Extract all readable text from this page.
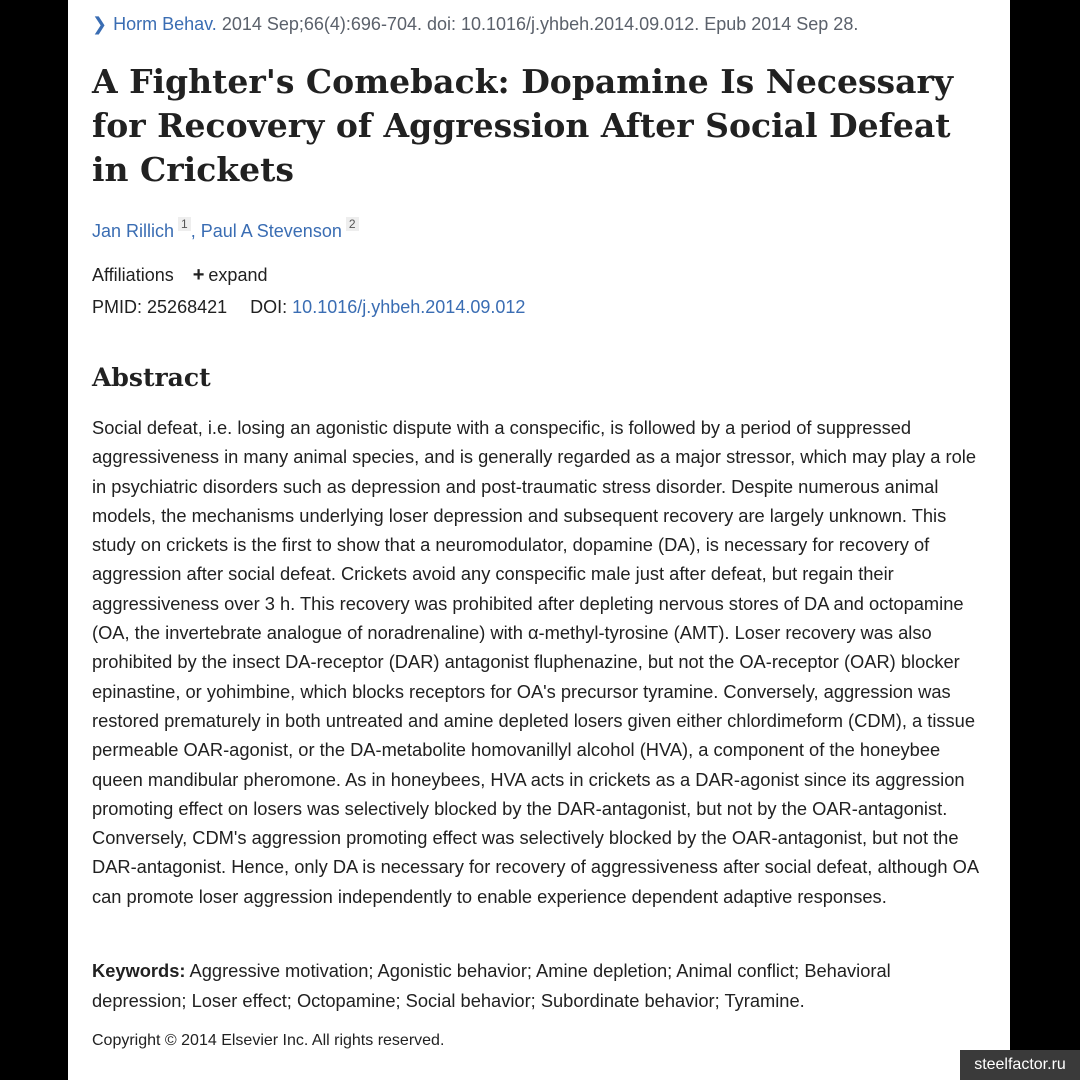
❯ Horm Behav. 2014 Sep;66(4):696-704. doi: 10.1016/j.yhbeh.2014.09.012. Epub 2014 Sep 28.
A Fighter's Comeback: Dopamine Is Necessary for Recovery of Aggression After Social Defeat in Crickets
Jan Rillich $^1$ , Paul A Stevenson $^2$
Affiliations + expand
PMID: 25268421 DOI: 10.1016/j.yhbeh.2014.09.012
Abstract

Social defeat, i.e. losing an agonistic dispute with a conspecific, is followed by a period of suppressed aggressiveness in many animal species, and is generally regarded as a major stressor, which may play a role in psychiatric disorders such as depression and post-traumatic stress disorder. Despite numerous animal models, the mechanisms underlying loser depression and subsequent recovery are largely unknown. This study on crickets is the first to show that a neuromodulator, dopamine (DA), is necessary for recovery of aggression after social defeat. Crickets avoid any conspecific male just after defeat, but regain their aggressiveness over 3 h. This recovery was prohibited after depleting nervous stores of DA and octopamine (OA, the invertebrate analogue of noradrenaline) with α-methyl-tyrosine (AMT). Loser recovery was also prohibited by the insect DA-receptor (DAR) antagonist fluphenazine, but not the OA-receptor (OAR) blocker epinastine, or yohimbine, which blocks receptors for OA's precursor tyramine. Conversely, aggression was restored prematurely in both untreated and amine depleted losers given either chlordimeform (CDM), a tissue permeable OAR-agonist, or the DA-metabolite homovanillyl alcohol (HVA), a component of the honeybee queen mandibular pheromone. As in honeybees, HVA acts in crickets as a DAR-agonist since its aggression promoting effect on losers was selectively blocked by the DAR-antagonist, but not by the OAR-antagonist. Conversely, CDM's aggression promoting effect was selectively blocked by the OAR-antagonist, but not the DAR-antagonist. Hence, only DA is necessary for recovery of aggressiveness after social defeat, although OA can promote loser aggression independently to enable experience dependent adaptive responses.

Keywords: Aggressive motivation; Agonistic behavior; Amine depletion; Animal conflict; Behavioral depression; Loser effect; Octopamine; Social behavior; Subordinate behavior; Tyramine.

Copyright © 2014 Elsevier Inc. All rights reserved.
steelfactor.ru
